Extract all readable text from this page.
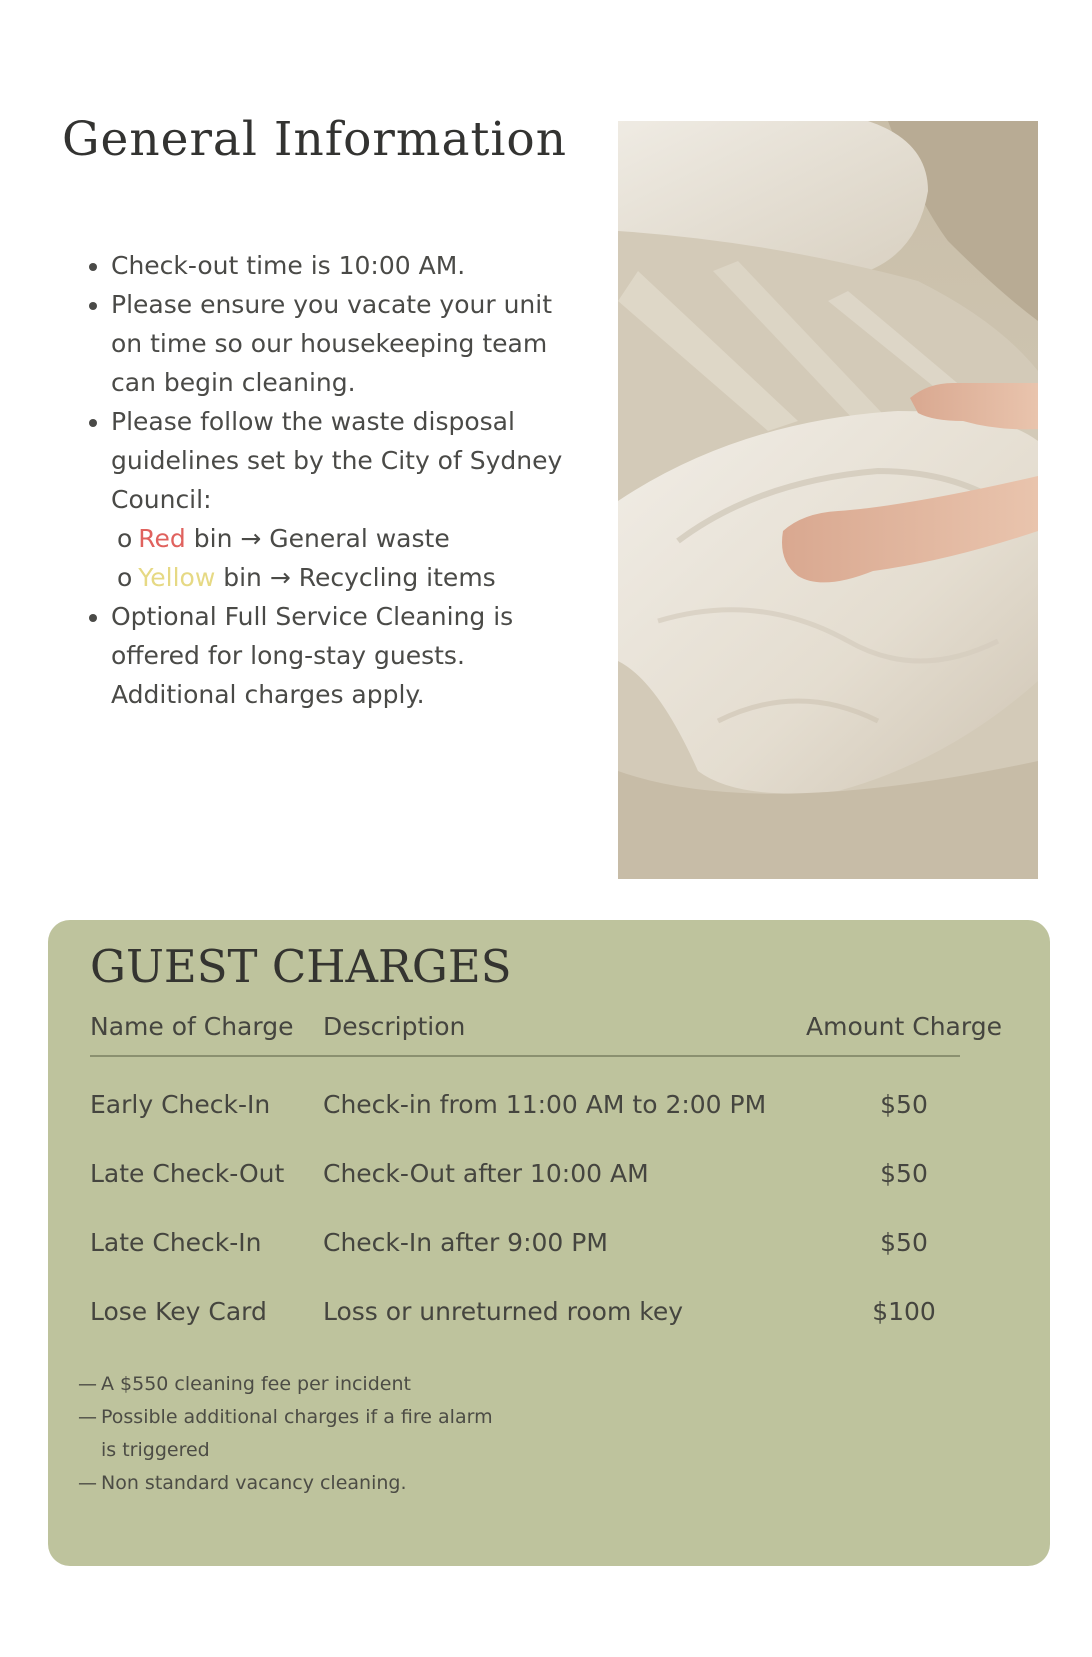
General Information
• Check-out time is 10:00 AM.
• Please ensure you vacate your unit on time so our housekeeping team can begin cleaning.
• Please follow the waste disposal guidelines set by the City of Sydney Council:
o Red bin → General waste
o Yellow bin → Recycling items
• Optional Full Service Cleaning is offered for long-stay guests. Additional charges apply.
GUEST CHARGES
Name of Charge	Description	Amount Charge
Early Check-In	Check-in from 11:00 AM to 2:00 PM	$50
Late Check-Out	Check-Out after 10:00 AM	$50
Late Check-In	Check-In after 9:00 PM	$50
Lose Key Card	Loss or unreturned room key	$100
— A $550 cleaning fee per incident
— Possible additional charges if a fire alarm is triggered
— Non standard vacancy cleaning.
